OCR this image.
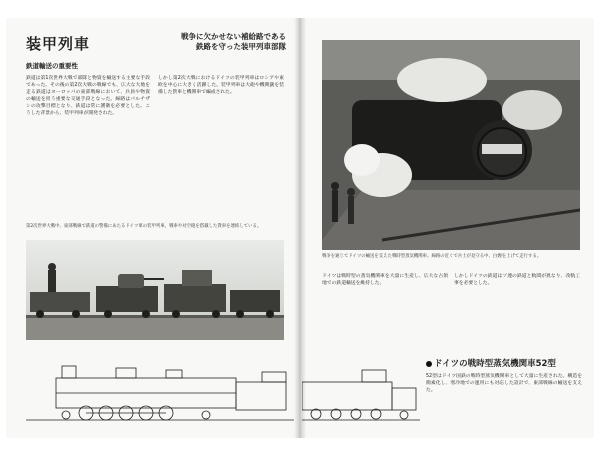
装甲列車	戦争に欠かせない補給路である
鉄路を守った装甲列車部隊
鉄道輸送の重要性
鉄道は第1次世界大戦で部隊と物資を輸送する主要な手段であった。その後の第2次大戦の戦線でも、広大な大地を走る鉄道はヨーロッパの東部戦線において、兵員や物資の輸送を担う重要な交通手段となった。線路はパルチザンの攻撃目標となり、鉄道は常に護衛を必要とした。こうした背景から、装甲列車が開発された。
しかし第2次大戦におけるドイツの装甲列車はロシアや東欧を中心に大きく活躍した。装甲列車は大砲や機関銃を装備した貨車と機関車で編成された。
第2次世界大戦中、東部戦線で鉄道の警備にあたるドイツ軍の装甲列車。戦車や対空砲を搭載した貨車を連結している。
戦争を通じてドイツの輸送を支えた戦時型蒸気機関車。線路の近くで兵士が見守る中、白煙を上げて走行する。
ドイツは戦時型の蒸気機関車を大量に生産し、広大な占領地での鉄道輸送を維持した。
しかしドイツの鉄道はソ連の鉄道と軌間が異なり、改軌工事を必要とした。
ドイツの戦時型蒸気機関車52型
52型はドイツ国鉄の戦時型蒸気機関車として大量に生産された。構造を簡素化し、寒冷地での運用にも対応した設計で、東部戦線の輸送を支えた。
